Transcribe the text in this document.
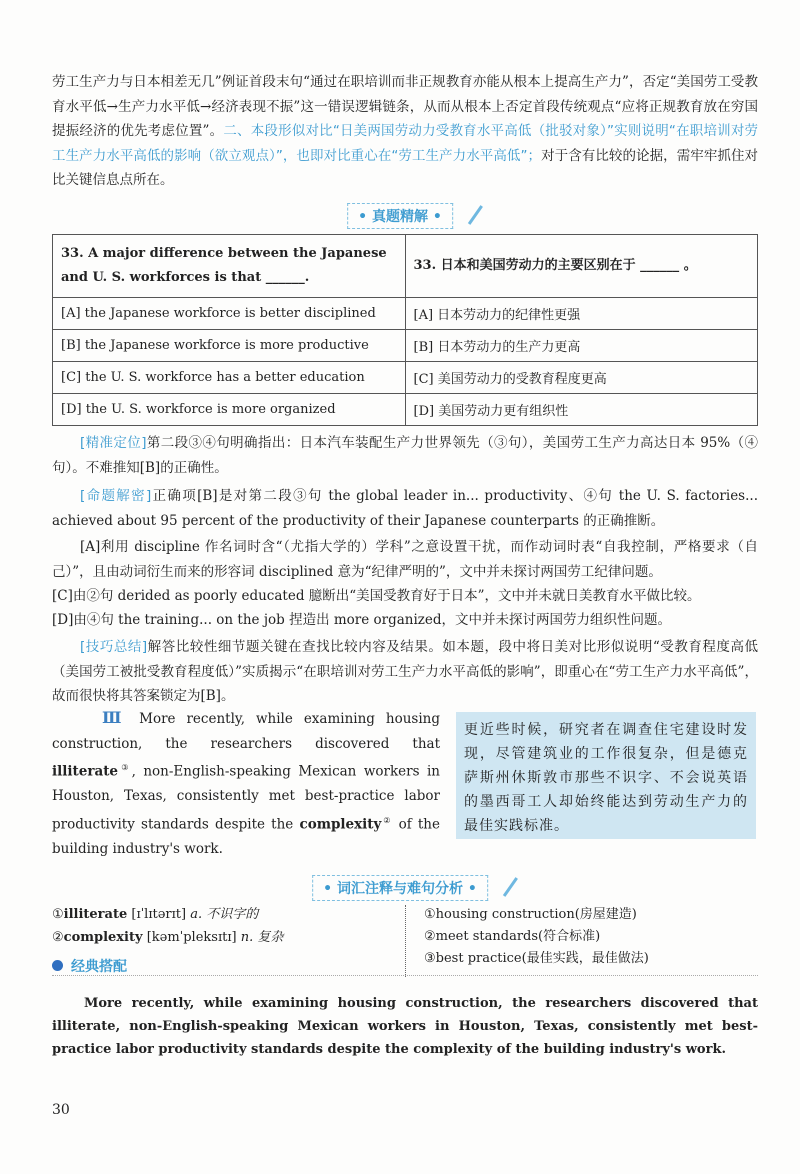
劳工生产力与日本相差无几”例证首段末句“通过在职培训而非正规教育亦能从根本上提高生产力”，否定“美国劳工受教育水平低→生产力水平低→经济表现不振”这一错误逻辑链条，从而从根本上否定首段传统观点“应将正规教育放在穷国提振经济的优先考虑位置”。二、本段形似对比“日美两国劳动力受教育水平高低（批驳对象）”实则说明“在职培训对劳工生产力水平高低的影响（欲立观点）”，也即对比重心在“劳工生产力水平高低”；对于含有比较的论据，需牢牢抓住对比关键信息点所在。
• 真题精解 •
33. A major difference between the Japanese and U. S. workforces is that ______.	33. 日本和美国劳动力的主要区别在于 ______ 。
[A] the Japanese workforce is better disciplined	[A] 日本劳动力的纪律性更强
[B] the Japanese workforce is more productive	[B] 日本劳动力的生产力更高
[C] the U. S. workforce has a better education	[C] 美国劳动力的受教育程度更高
[D] the U. S. workforce is more organized	[D] 美国劳动力更有组织性
[精准定位]第二段③④句明确指出：日本汽车装配生产力世界领先（③句），美国劳工生产力高达日本 95%（④句）。不难推知[B]的正确性。
[命题解密]正确项[B]是对第二段③句 the global leader in... productivity、④句 the U. S. factories... achieved about 95 percent of the productivity of their Japanese counterparts 的正确推断。
[A]利用 discipline 作名词时含“（尤指大学的）学科”之意设置干扰，而作动词时表“自我控制，严格要求（自己）”，且由动词衍生而来的形容词 disciplined 意为“纪律严明的”，文中并未探讨两国劳工纪律问题。
[C]由②句 derided as poorly educated 臆断出“美国受教育好于日本”，文中并未就日美教育水平做比较。
[D]由④句 the training... on the job 捏造出 more organized，文中并未探讨两国劳力组织性问题。
[技巧总结]解答比较性细节题关键在查找比较内容及结果。如本题，段中将日美对比形似说明“受教育程度高低（美国劳工被批受教育程度低）”实质揭示“在职培训对劳工生产力水平高低的影响”，即重心在“劳工生产力水平高低”，故而很快将其答案锁定为[B]。
Ⅲ More recently, while examining housing construction, the researchers discovered that illiterate③, non-English-speaking Mexican workers in Houston, Texas, consistently met best-practice labor productivity standards despite the complexity② of the building industry's work.
更近些时候，研究者在调查住宅建设时发现，尽管建筑业的工作很复杂，但是德克萨斯州休斯敦市那些不识字、不会说英语的墨西哥工人却始终能达到劳动生产力的最佳实践标准。
• 词汇注释与难句分析 •
①illiterate [ɪˈlɪtərɪt] a. 不识字的
②complexity [kəmˈpleksɪtɪ] n. 复杂
经典搭配
①housing construction(房屋建造)
②meet standards(符合标准)
③best practice(最佳实践，最佳做法)
More recently, while examining housing construction, the researchers discovered that illiterate, non-English-speaking Mexican workers in Houston, Texas, consistently met best-practice labor productivity standards despite the complexity of the building industry's work.
30
